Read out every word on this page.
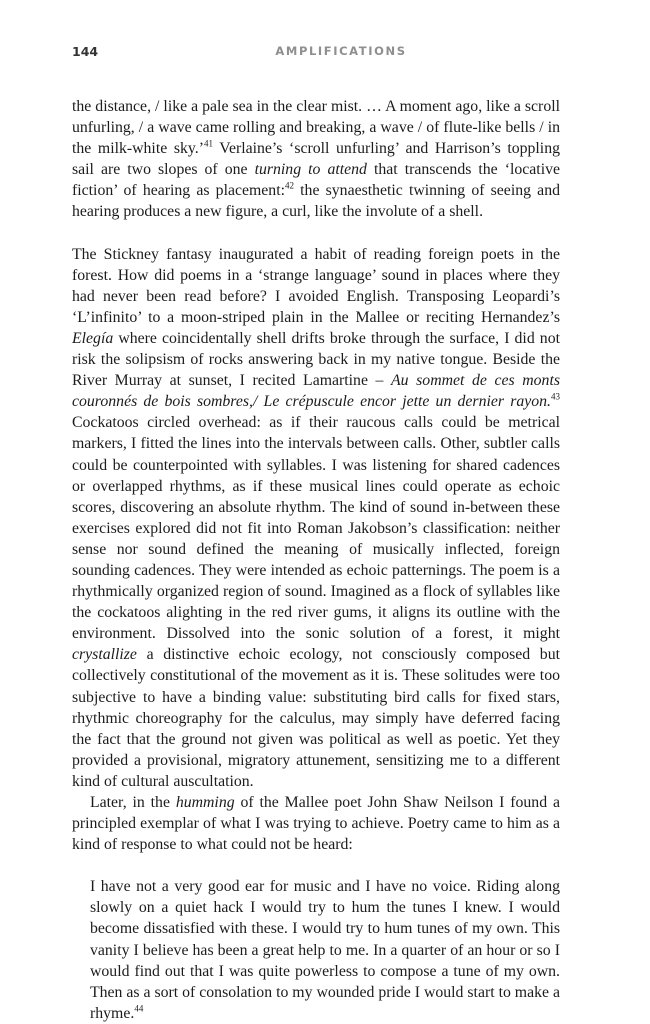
144	AMPLIFICATIONS

the distance, / like a pale sea in the clear mist. … A moment ago, like a scroll unfurling, / a wave came rolling and breaking, a wave / of flute-like bells / in the milk-white sky.’$^{41}$ Verlaine’s ‘scroll unfurling’ and Harrison’s toppling sail are two slopes of one turning to attend that transcends the ‘locative fiction’ of hearing as placement:$^{42}$ the synaesthetic twinning of seeing and hearing produces a new figure, a curl, like the involute of a shell.

The Stickney fantasy inaugurated a habit of reading foreign poets in the forest. How did poems in a ‘strange language’ sound in places where they had never been read before? I avoided English. Transposing Leopardi’s ‘L’infinito’ to a moon-striped plain in the Mallee or reciting Hernandez’s Elegía where coincidentally shell drifts broke through the surface, I did not risk the solipsism of rocks answering back in my native tongue. Beside the River Murray at sunset, I recited Lamartine – Au sommet de ces monts couronnés de bois sombres,/ Le crépuscule encor jette un dernier rayon.$^{43}$ Cockatoos circled overhead: as if their raucous calls could be metrical markers, I fitted the lines into the intervals between calls. Other, subtler calls could be counterpointed with syllables. I was listening for shared cadences or overlapped rhythms, as if these musical lines could operate as echoic scores, discovering an absolute rhythm. The kind of sound in-between these exercises explored did not fit into Roman Jakobson’s classification: neither sense nor sound defined the meaning of musically inflected, foreign sounding cadences. They were intended as echoic patternings. The poem is a rhythmically organized region of sound. Imagined as a flock of syllables like the cockatoos alighting in the red river gums, it aligns its outline with the environment. Dissolved into the sonic solution of a forest, it might crystallize a distinctive echoic ecology, not consciously composed but collectively constitutional of the movement as it is. These solitudes were too subjective to have a binding value: substituting bird calls for fixed stars, rhythmic choreography for the calculus, may simply have deferred facing the fact that the ground not given was political as well as poetic. Yet they provided a provisional, migratory attunement, sensitizing me to a different kind of cultural auscultation.

Later, in the humming of the Mallee poet John Shaw Neilson I found a principled exemplar of what I was trying to achieve. Poetry came to him as a kind of response to what could not be heard:

I have not a very good ear for music and I have no voice. Riding along slowly on a quiet hack I would try to hum the tunes I knew. I would become dissatisfied with these. I would try to hum tunes of my own. This vanity I believe has been a great help to me. In a quarter of an hour or so I would find out that I was quite powerless to compose a tune of my own. Then as a sort of consolation to my wounded pride I would start to make a rhyme.$^{44}$
